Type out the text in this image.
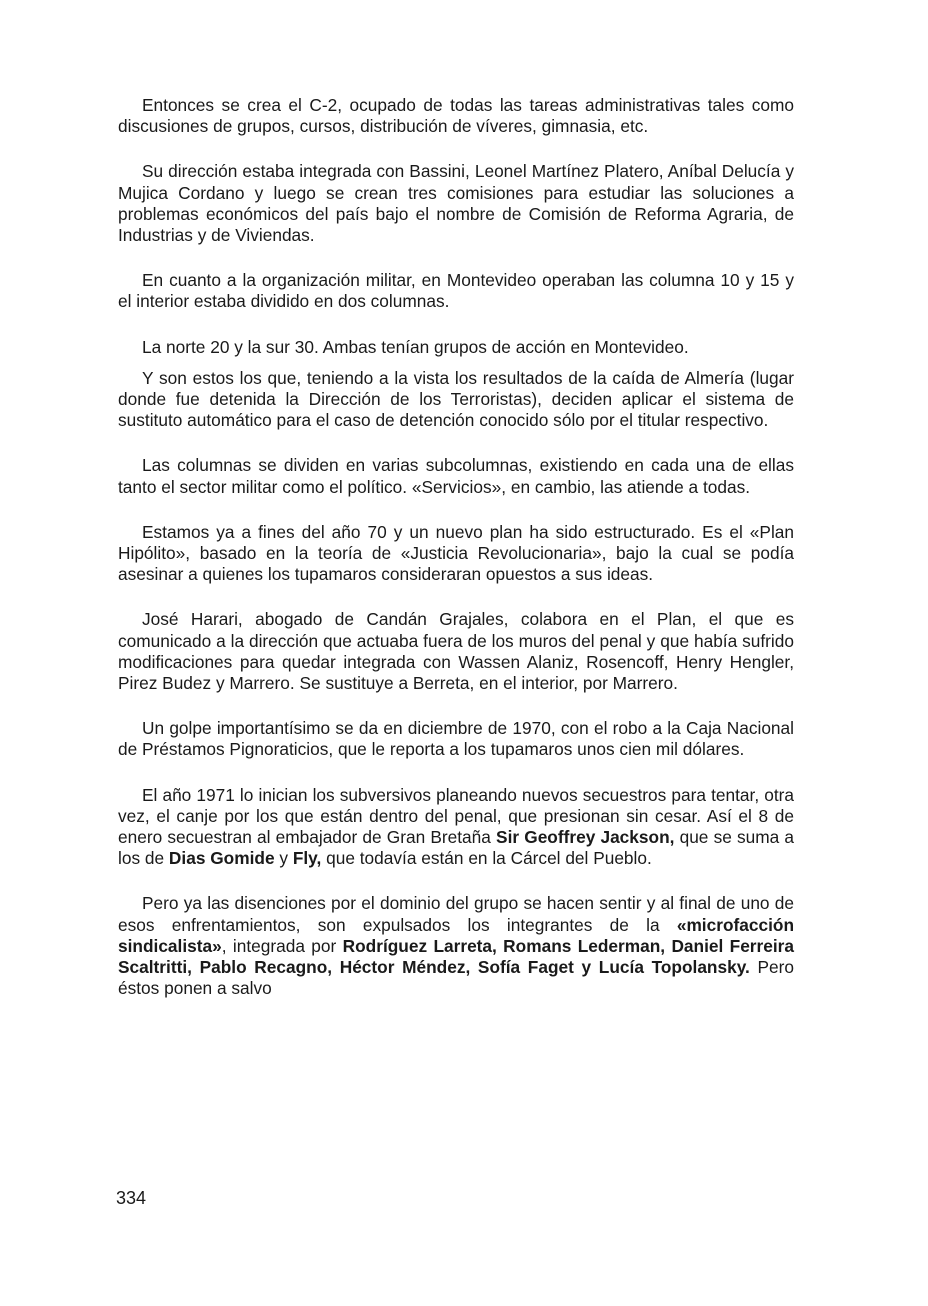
Entonces se crea el C-2, ocupado de todas las tareas administrativas tales como discusiones de grupos, cursos, distribución de víveres, gimnasia, etc.

Su dirección estaba integrada con Bassini, Leonel Martínez Platero, Aníbal Delucía y Mujica Cordano y luego se crean tres comisiones para estudiar las soluciones a problemas económicos del país bajo el nombre de Comisión de Reforma Agraria, de Industrias y de Viviendas.

En cuanto a la organización militar, en Montevideo operaban las columna 10 y 15 y el interior estaba dividido en dos columnas.

La norte 20 y la sur 30. Ambas tenían grupos de acción en Montevideo.

Y son estos los que, teniendo a la vista los resultados de la caída de Almería (lugar donde fue detenida la Dirección de los Terroristas), deciden aplicar el sistema de sustituto automático para el caso de detención conocido sólo por el titular respectivo.

Las columnas se dividen en varias subcolumnas, existiendo en cada una de ellas tanto el sector militar como el político. «Servicios», en cambio, las atiende a todas.

Estamos ya a fines del año 70 y un nuevo plan ha sido estructurado. Es el «Plan Hipólito», basado en la teoría de «Justicia Revolucionaria», bajo la cual se podía asesinar a quienes los tupamaros consideraran opuestos a sus ideas.

José Harari, abogado de Candán Grajales, colabora en el Plan, el que es comunicado a la dirección que actuaba fuera de los muros del penal y que había sufrido modificaciones para quedar integrada con Wassen Alaniz, Rosencoff, Henry Hengler, Pirez Budez y Marrero. Se sustituye a Berreta, en el interior, por Marrero.

Un golpe importantísimo se da en diciembre de 1970, con el robo a la Caja Nacional de Préstamos Pignoraticios, que le reporta a los tupamaros unos cien mil dólares.

El año 1971 lo inician los subversivos planeando nuevos secuestros para tentar, otra vez, el canje por los que están dentro del penal, que presionan sin cesar. Así el 8 de enero secuestran al embajador de Gran Bretaña Sir Geoffrey Jackson, que se suma a los de Dias Gomide y Fly, que todavía están en la Cárcel del Pueblo.

Pero ya las disenciones por el dominio del grupo se hacen sentir y al final de uno de esos enfrentamientos, son expulsados los integrantes de la «microfacción sindicalista», integrada por Rodríguez Larreta, Romans Lederman, Daniel Ferreira Scaltritti, Pablo Recagno, Héctor Méndez, Sofía Faget y Lucía Topolansky. Pero éstos ponen a salvo

334
